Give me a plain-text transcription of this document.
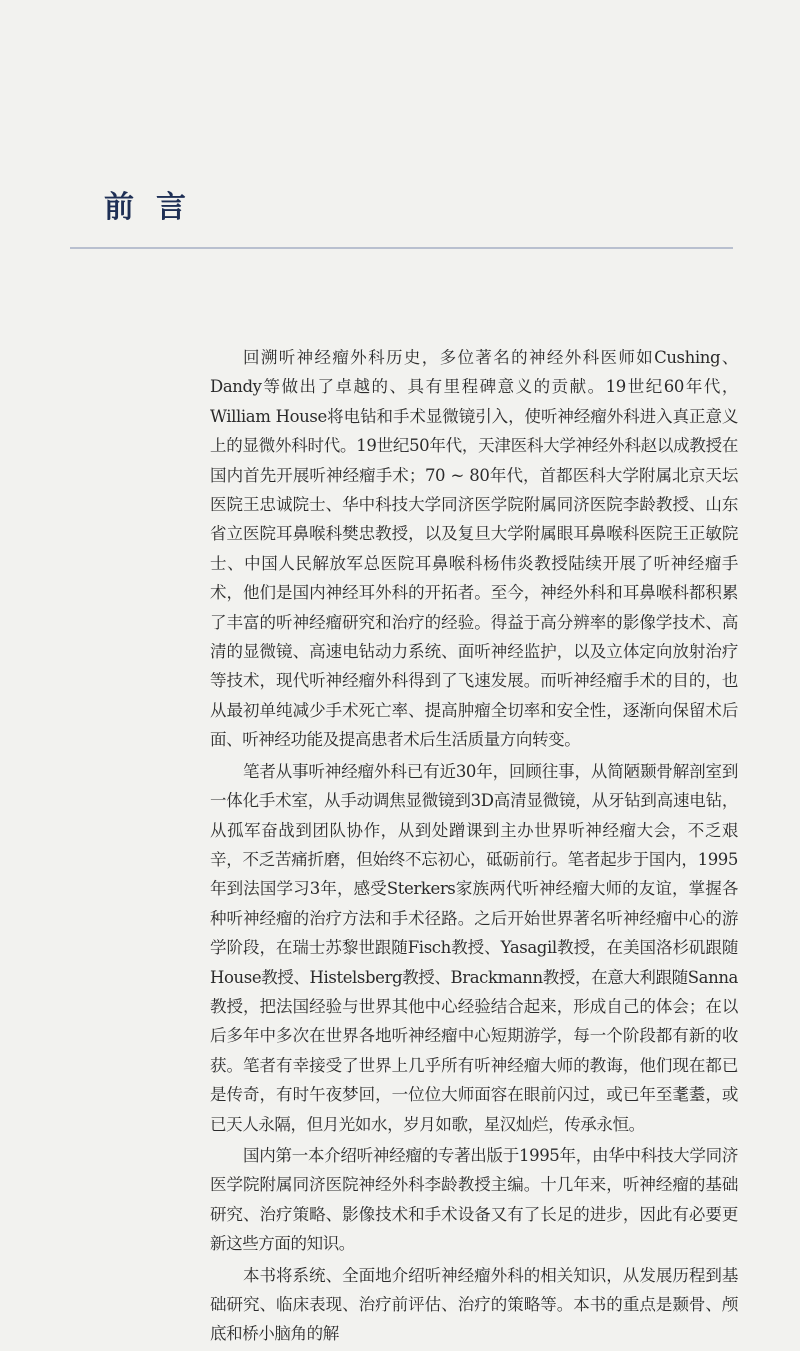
前言

回溯听神经瘤外科历史，多位著名的神经外科医师如Cushing、Dandy等做出了卓越的、具有里程碑意义的贡献。19世纪60年代，William House将电钻和手术显微镜引入，使听神经瘤外科进入真正意义上的显微外科时代。19世纪50年代，天津医科大学神经外科赵以成教授在国内首先开展听神经瘤手术；70 ~ 80年代，首都医科大学附属北京天坛医院王忠诚院士、华中科技大学同济医学院附属同济医院李龄教授、山东省立医院耳鼻喉科樊忠教授，以及复旦大学附属眼耳鼻喉科医院王正敏院士、中国人民解放军总医院耳鼻喉科杨伟炎教授陆续开展了听神经瘤手术，他们是国内神经耳外科的开拓者。至今，神经外科和耳鼻喉科都积累了丰富的听神经瘤研究和治疗的经验。得益于高分辨率的影像学技术、高清的显微镜、高速电钻动力系统、面听神经监护，以及立体定向放射治疗等技术，现代听神经瘤外科得到了飞速发展。而听神经瘤手术的目的，也从最初单纯减少手术死亡率、提高肿瘤全切率和安全性，逐渐向保留术后面、听神经功能及提高患者术后生活质量方向转变。

笔者从事听神经瘤外科已有近30年，回顾往事，从简陋颞骨解剖室到一体化手术室，从手动调焦显微镜到3D高清显微镜，从牙钻到高速电钻，从孤军奋战到团队协作，从到处蹭课到主办世界听神经瘤大会，不乏艰辛，不乏苦痛折磨，但始终不忘初心，砥砺前行。笔者起步于国内，1995年到法国学习3年，感受Sterkers家族两代听神经瘤大师的友谊，掌握各种听神经瘤的治疗方法和手术径路。之后开始世界著名听神经瘤中心的游学阶段，在瑞士苏黎世跟随Fisch教授、Yasagil教授，在美国洛杉矶跟随House教授、Histelsberg教授、Brackmann教授，在意大利跟随Sanna教授，把法国经验与世界其他中心经验结合起来，形成自己的体会；在以后多年中多次在世界各地听神经瘤中心短期游学，每一个阶段都有新的收获。笔者有幸接受了世界上几乎所有听神经瘤大师的教诲，他们现在都已是传奇，有时午夜梦回，一位位大师面容在眼前闪过，或已年至耄耋，或已天人永隔，但月光如水，岁月如歌，星汉灿烂，传承永恒。

国内第一本介绍听神经瘤的专著出版于1995年，由华中科技大学同济医学院附属同济医院神经外科李龄教授主编。十几年来，听神经瘤的基础研究、治疗策略、影像技术和手术设备又有了长足的进步，因此有必要更新这些方面的知识。

本书将系统、全面地介绍听神经瘤外科的相关知识，从发展历程到基础研究、临床表现、治疗前评估、治疗的策略等。本书的重点是颞骨、颅底和桥小脑角的解
